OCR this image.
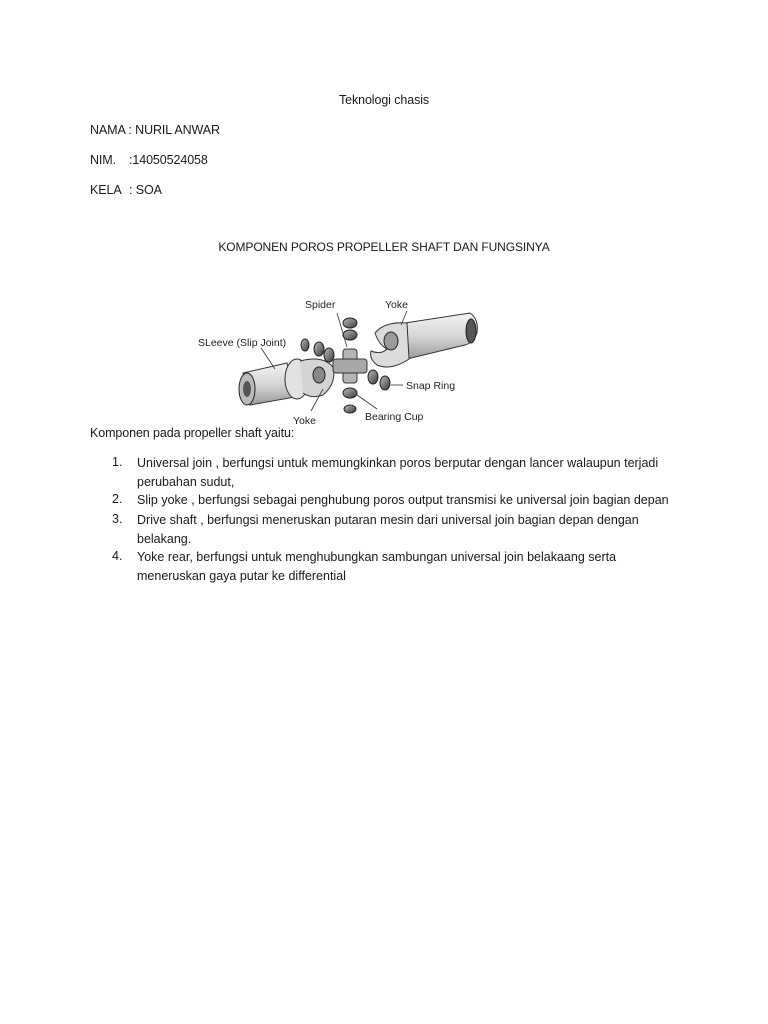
Teknologi chasis
NAMA : NURIL ANWAR
NIM. :14050524058
KELA : SOA
KOMPONEN POROS PROPELLER SHAFT DAN FUNGSINYA
Spider	Yoke
SLeeve (Slip Joint)
Snap Ring
Bearing Cup
Yoke
Komponen pada propeller shaft yaitu:
1. Universal join , berfungsi untuk memungkinkan poros berputar dengan lancer walaupun terjadi
perubahan sudut,
2. Slip yoke , berfungsi sebagai penghubung poros output transmisi ke universal join bagian depan
3. Drive shaft , berfungsi meneruskan putaran mesin dari universal join bagian depan dengan
belakang.
4. Yoke rear, berfungsi untuk menghubungkan sambungan universal join belakaang serta
meneruskan gaya putar ke differential
